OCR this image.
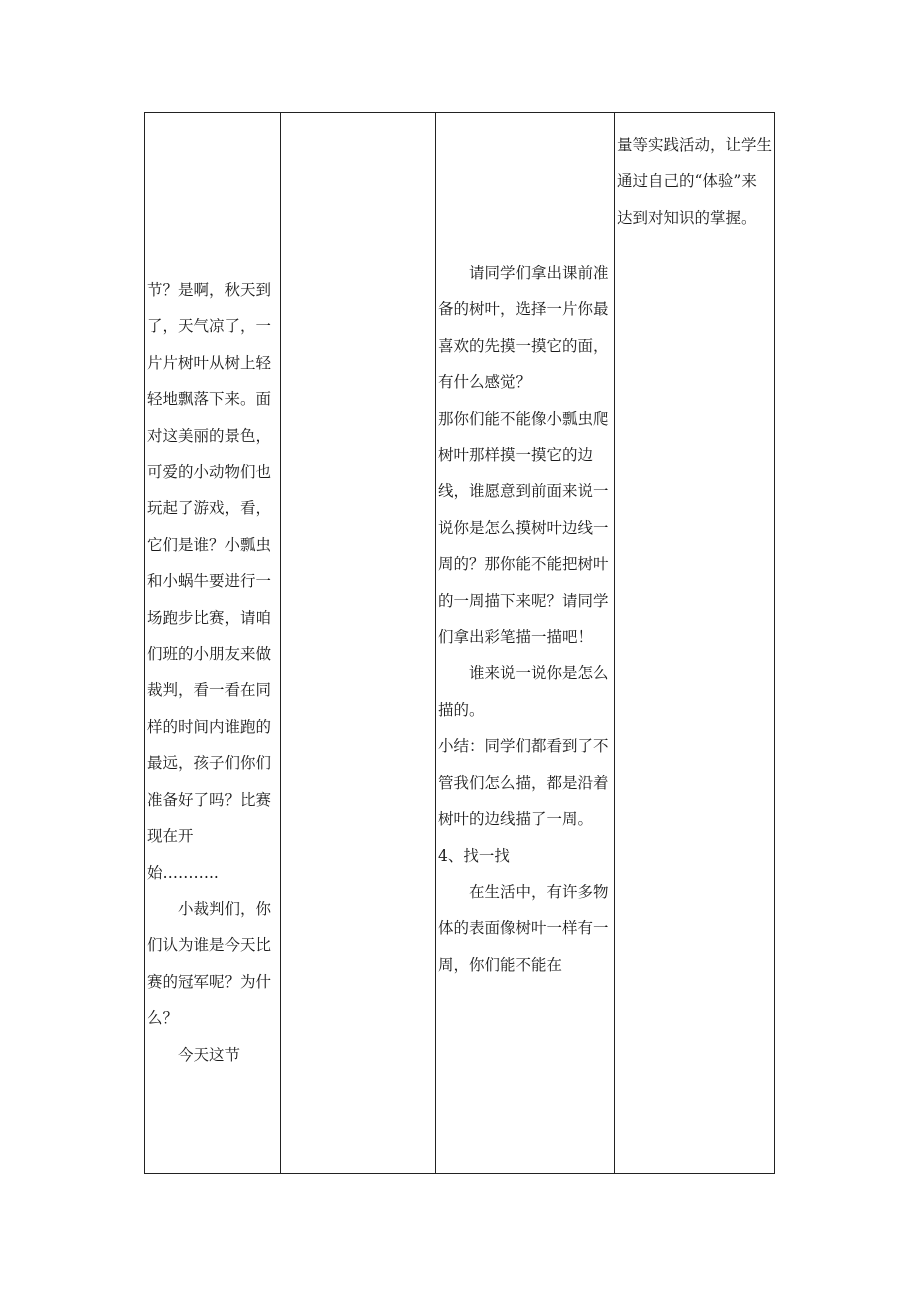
节？是啊，秋天到了，天气凉了，一片片树叶从树上轻轻地飘落下来。面对这美丽的景色，可爱的小动物们也玩起了游戏，看，它们是谁？小瓢虫和小蜗牛要进行一场跑步比赛，请咱们班的小朋友来做裁判，看一看在同样的时间内谁跑的最远，孩子们你们准备好了吗？比赛现在开

始………..

小裁判们，你们认为谁是今天比赛的冠军呢？为什么？

今天这节

请同学们拿出课前准备的树叶，选择一片你最喜欢的先摸一摸它的面，有什么感觉？

那你们能不能像小瓢虫爬树叶那样摸一摸它的边线，谁愿意到前面来说一说你是怎么摸树叶边线一周的？那你能不能把树叶的一周描下来呢？请同学们拿出彩笔描一描吧！

谁来说一说你是怎么描的。

小结：同学们都看到了不管我们怎么描，都是沿着树叶的边线描了一周。

4、找一找

在生活中，有许多物体的表面像树叶一样有一周，你们能不能在

量等实践活动，让学生通过自己的“体验”来达到对知识的掌握。
